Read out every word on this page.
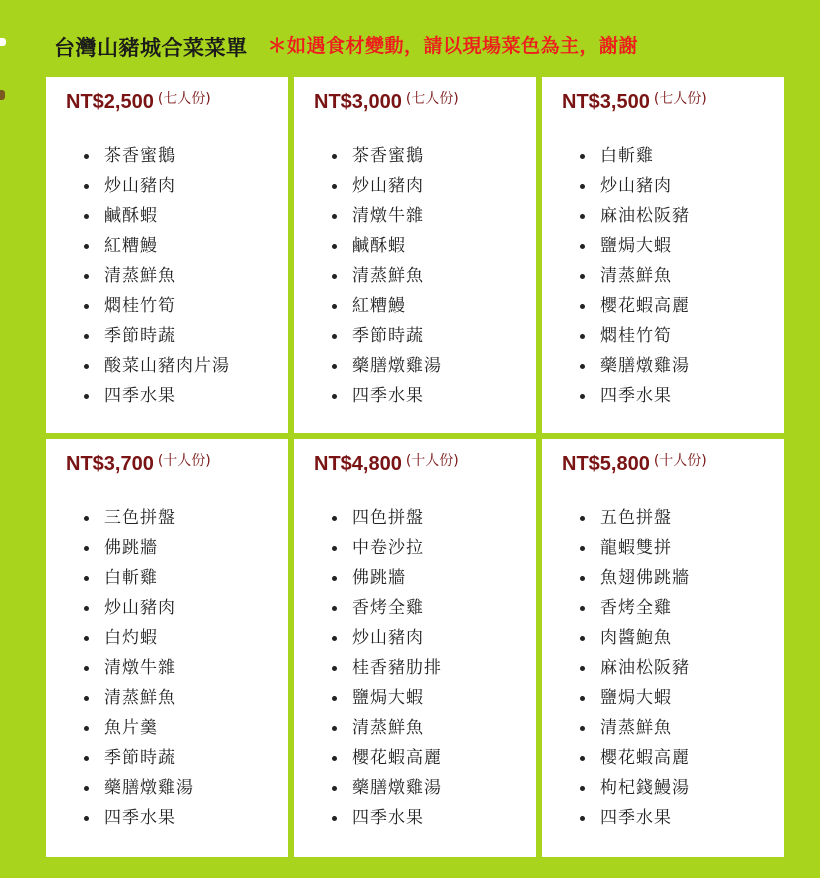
台灣山豬城合菜菜單 ＊如遇食材變動，請以現場菜色為主，謝謝
NT$2,500 (七人份)
茶香蜜鵝
炒山豬肉
鹹酥蝦
紅糟鰻
清蒸鮮魚
燜桂竹筍
季節時蔬
酸菜山豬肉片湯
四季水果
NT$3,000 (七人份)
茶香蜜鵝
炒山豬肉
清燉牛雜
鹹酥蝦
清蒸鮮魚
紅糟鰻
季節時蔬
藥膳燉雞湯
四季水果
NT$3,500 (七人份)
白斬雞
炒山豬肉
麻油松阪豬
鹽焗大蝦
清蒸鮮魚
櫻花蝦高麗
燜桂竹筍
藥膳燉雞湯
四季水果
NT$3,700 (十人份)
三色拼盤
佛跳牆
白斬雞
炒山豬肉
白灼蝦
清燉牛雜
清蒸鮮魚
魚片羹
季節時蔬
藥膳燉雞湯
四季水果
NT$4,800 (十人份)
四色拼盤
中卷沙拉
佛跳牆
香烤全雞
炒山豬肉
桂香豬肋排
鹽焗大蝦
清蒸鮮魚
櫻花蝦高麗
藥膳燉雞湯
四季水果
NT$5,800 (十人份)
五色拼盤
龍蝦雙拼
魚翅佛跳牆
香烤全雞
肉醬鮑魚
麻油松阪豬
鹽焗大蝦
清蒸鮮魚
櫻花蝦高麗
枸杞錢鰻湯
四季水果
